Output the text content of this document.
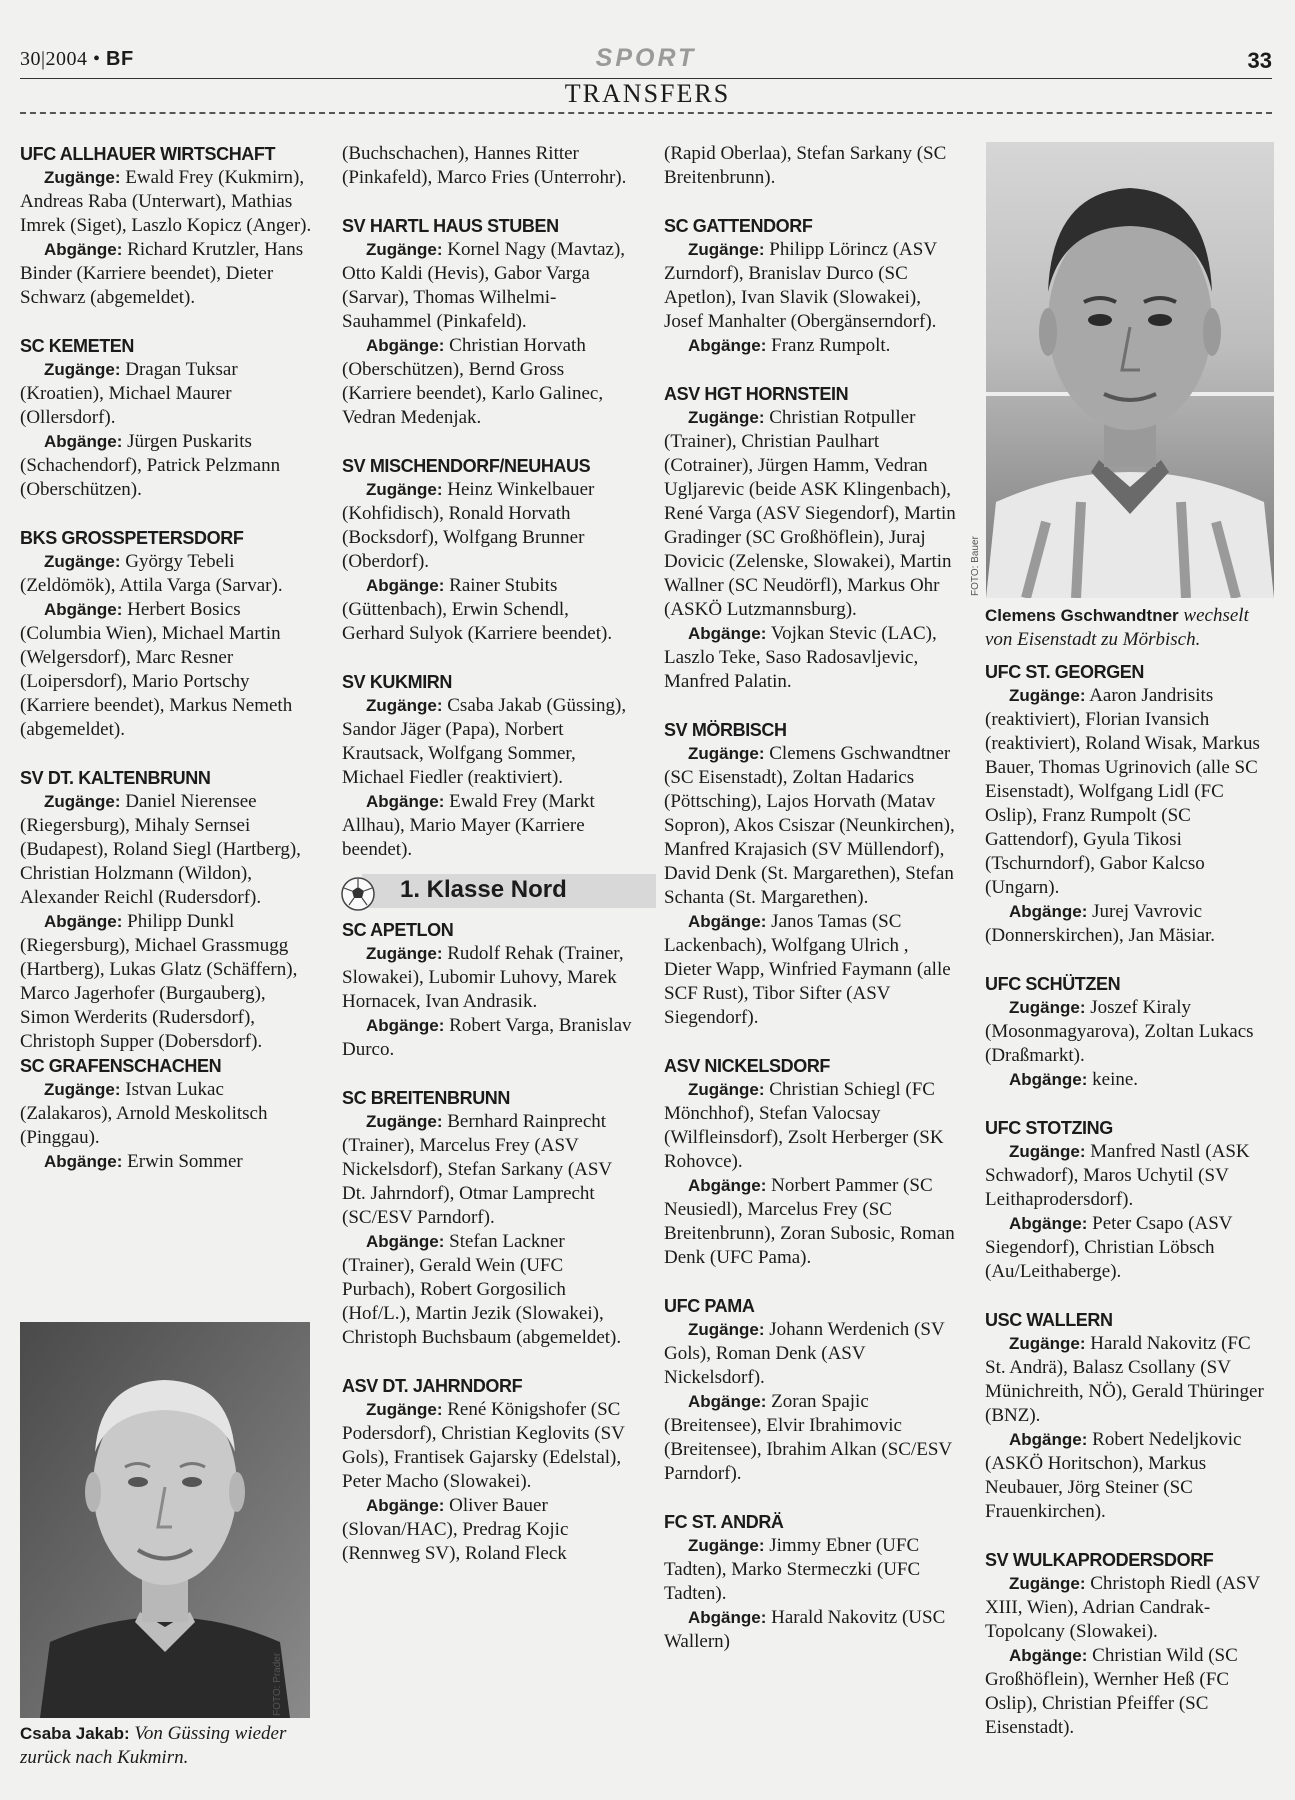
30|2004 • BF	SPORT	33
TRANSFERS
UFC ALLHAUER WIRTSCHAFT
Zugänge: Ewald Frey (Kukmirn), Andreas Raba (Unterwart), Mathias Imrek (Siget), Laszlo Kopicz (Anger).
Abgänge: Richard Krutzler, Hans Binder (Karriere beendet), Dieter Schwarz (abgemeldet).
SC KEMETEN
Zugänge: Dragan Tuksar (Kroatien), Michael Maurer (Ollersdorf).
Abgänge: Jürgen Puskarits (Schachendorf), Patrick Pelzmann (Oberschützen).
BKS GROSSPETERSDORF
Zugänge: György Tebeli (Zeldömök), Attila Varga (Sarvar).
Abgänge: Herbert Bosics (Columbia Wien), Michael Martin (Welgersdorf), Marc Resner (Loipersdorf), Mario Portschy (Karriere beendet), Markus Nemeth (abgemeldet).
SV DT. KALTENBRUNN
Zugänge: Daniel Nierensee (Riegersburg), Mihaly Sernsei (Budapest), Roland Siegl (Hartberg), Christian Holzmann (Wildon), Alexander Reichl (Rudersdorf).
Abgänge: Philipp Dunkl (Riegersburg), Michael Grassmugg (Hartberg), Lukas Glatz (Schäffern), Marco Jagerhofer (Burgauberg), Simon Werderits (Rudersdorf), Christoph Supper (Dobersdorf).
SC GRAFENSCHACHEN
Zugänge: Istvan Lukac (Zalakaros), Arnold Meskolitsch (Pinggau).
Abgänge: Erwin Sommer
FOTO: Prader
Csaba Jakab: Von Güssing wieder zurück nach Kukmirn.
(Buchschachen), Hannes Ritter (Pinkafeld), Marco Fries (Unterrohr).
SV HARTL HAUS STUBEN
Zugänge: Kornel Nagy (Mavtaz), Otto Kaldi (Hevis), Gabor Varga (Sarvar), Thomas Wilhelmi-Sauhammel (Pinkafeld).
Abgänge: Christian Horvath (Oberschützen), Bernd Gross (Karriere beendet), Karlo Galinec, Vedran Medenjak.
SV MISCHENDORF/NEUHAUS
Zugänge: Heinz Winkelbauer (Kohfidisch), Ronald Horvath (Bocksdorf), Wolfgang Brunner (Oberdorf).
Abgänge: Rainer Stubits (Güttenbach), Erwin Schendl, Gerhard Sulyok (Karriere beendet).
SV KUKMIRN
Zugänge: Csaba Jakab (Güssing), Sandor Jäger (Papa), Norbert Krautsack, Wolfgang Sommer, Michael Fiedler (reaktiviert).
Abgänge: Ewald Frey (Markt Allhau), Mario Mayer (Karriere beendet).
1. Klasse Nord
SC APETLON
Zugänge: Rudolf Rehak (Trainer, Slowakei), Lubomir Luhovy, Marek Hornacek, Ivan Andrasik.
Abgänge: Robert Varga, Branislav Durco.
SC BREITENBRUNN
Zugänge: Bernhard Rainprecht (Trainer), Marcelus Frey (ASV Nickelsdorf), Stefan Sarkany (ASV Dt. Jahrndorf), Otmar Lamprecht (SC/ESV Parndorf).
Abgänge: Stefan Lackner (Trainer), Gerald Wein (UFC Purbach), Robert Gorgosilich (Hof/L.), Martin Jezik (Slowakei), Christoph Buchsbaum (abgemeldet).
ASV DT. JAHRNDORF
Zugänge: René Königshofer (SC Podersdorf), Christian Keglovits (SV Gols), Frantisek Gajarsky (Edelstal), Peter Macho (Slowakei).
Abgänge: Oliver Bauer (Slovan/HAC), Predrag Kojic (Rennweg SV), Roland Fleck
(Rapid Oberlaa), Stefan Sarkany (SC Breitenbrunn).
SC GATTENDORF
Zugänge: Philipp Lörincz (ASV Zurndorf), Branislav Durco (SC Apetlon), Ivan Slavik (Slowakei), Josef Manhalter (Obergänserndorf).
Abgänge: Franz Rumpolt.
ASV HGT HORNSTEIN
Zugänge: Christian Rotpuller (Trainer), Christian Paulhart (Cotrainer), Jürgen Hamm, Vedran Ugljarevic (beide ASK Klingenbach), René Varga (ASV Siegendorf), Martin Gradinger (SC Großhöflein), Juraj Dovicic (Zelenske, Slowakei), Martin Wallner (SC Neudörfl), Markus Ohr (ASKÖ Lutzmannsburg).
Abgänge: Vojkan Stevic (LAC), Laszlo Teke, Saso Radosavljevic, Manfred Palatin.
SV MÖRBISCH
Zugänge: Clemens Gschwandtner (SC Eisenstadt), Zoltan Hadarics (Pöttsching), Lajos Horvath (Matav Sopron), Akos Csiszar (Neunkirchen), Manfred Krajasich (SV Müllendorf), David Denk (St. Margarethen), Stefan Schanta (St. Margarethen).
Abgänge: Janos Tamas (SC Lackenbach), Wolfgang Ulrich , Dieter Wapp, Winfried Faymann (alle SCF Rust), Tibor Sifter (ASV Siegendorf).
ASV NICKELSDORF
Zugänge: Christian Schiegl (FC Mönchhof), Stefan Valocsay (Wilfleinsdorf), Zsolt Herberger (SK Rohovce).
Abgänge: Norbert Pammer (SC Neusiedl), Marcelus Frey (SC Breitenbrunn), Zoran Subosic, Roman Denk (UFC Pama).
UFC PAMA
Zugänge: Johann Werdenich (SV Gols), Roman Denk (ASV Nickelsdorf).
Abgänge: Zoran Spajic (Breitensee), Elvir Ibrahimovic (Breitensee), Ibrahim Alkan (SC/ESV Parndorf).
FC ST. ANDRÄ
Zugänge: Jimmy Ebner (UFC Tadten), Marko Stermeczki (UFC Tadten).
Abgänge: Harald Nakovitz (USC Wallern)
FOTO: Bauer
Clemens Gschwandtner wechselt von Eisenstadt zu Mörbisch.
UFC ST. GEORGEN
Zugänge: Aaron Jandrisits (reaktiviert), Florian Ivansich (reaktiviert), Roland Wisak, Markus Bauer, Thomas Ugrinovich (alle SC Eisenstadt), Wolfgang Lidl (FC Oslip), Franz Rumpolt (SC Gattendorf), Gyula Tikosi (Tschurndorf), Gabor Kalcso (Ungarn).
Abgänge: Jurej Vavrovic (Donnerskirchen), Jan Mäsiar.
UFC SCHÜTZEN
Zugänge: Joszef Kiraly (Mosonmagyarova), Zoltan Lukacs (Draßmarkt).
Abgänge: keine.
UFC STOTZING
Zugänge: Manfred Nastl (ASK Schwadorf), Maros Uchytil (SV Leithaprodersdorf).
Abgänge: Peter Csapo (ASV Siegendorf), Christian Löbsch (Au/Leithaberge).
USC WALLERN
Zugänge: Harald Nakovitz (FC St. Andrä), Balasz Csollany (SV Münichreith, NÖ), Gerald Thüringer (BNZ).
Abgänge: Robert Nedeljkovic (ASKÖ Horitschon), Markus Neubauer, Jörg Steiner (SC Frauenkirchen).
SV WULKAPRODERSDORF
Zugänge: Christoph Riedl (ASV XIII, Wien), Adrian Candrak-Topolcany (Slowakei).
Abgänge: Christian Wild (SC Großhöflein), Wernher Heß (FC Oslip), Christian Pfeiffer (SC Eisenstadt).
